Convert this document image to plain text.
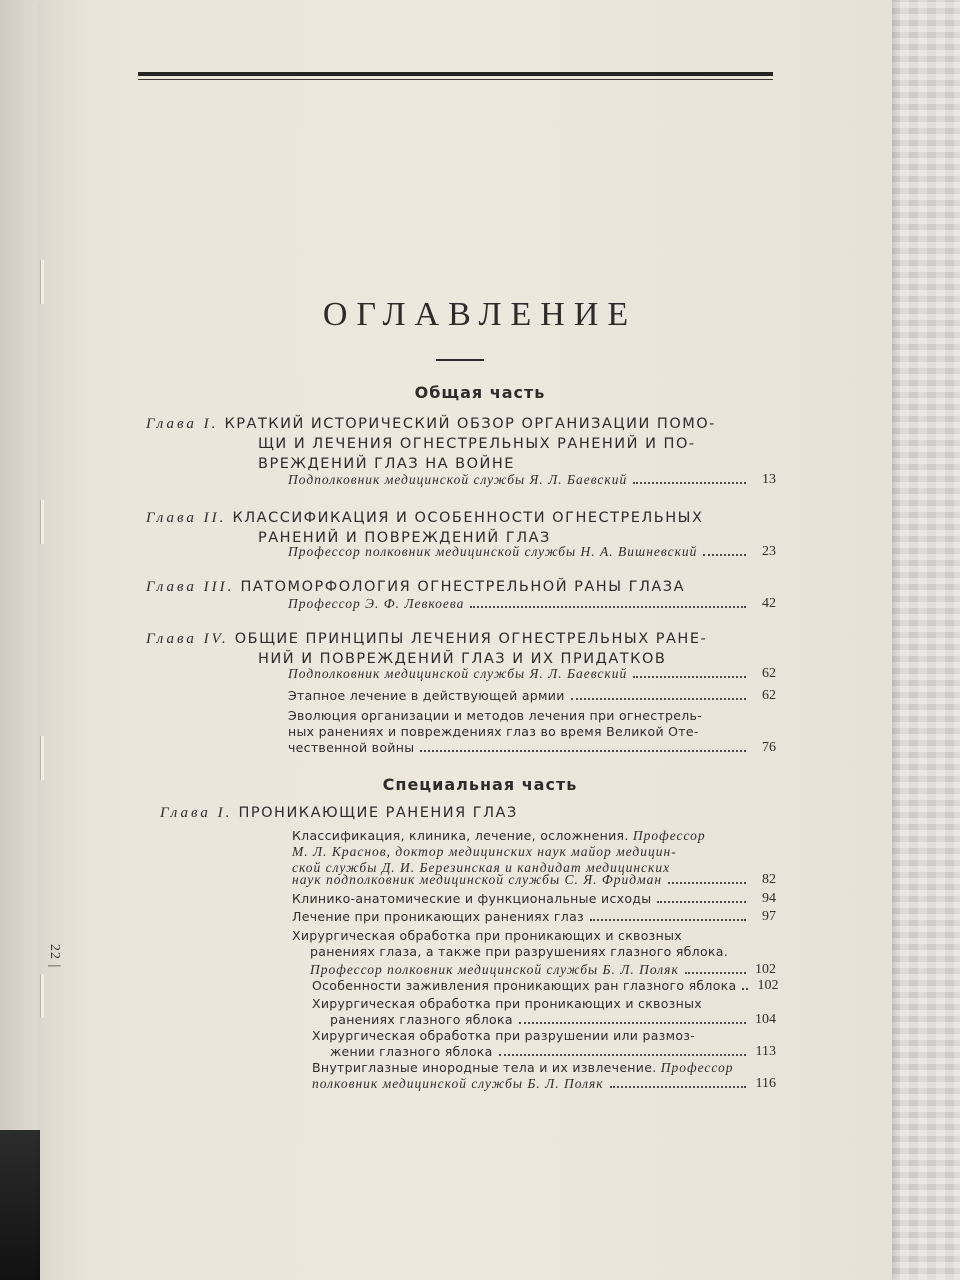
22 |
ОГЛАВЛЕНИЕ
Общая часть
Глава I. КРАТКИЙ ИСТОРИЧЕСКИЙ ОБЗОР ОРГАНИЗАЦИИ ПОМО-
ЩИ И ЛЕЧЕНИЯ ОГНЕСТРЕЛЬНЫХ РАНЕНИЙ И ПО-
ВРЕЖДЕНИЙ ГЛАЗ НА ВОЙНЕ
Подполковник медицинской службы Я. Л. Баевский	13
Глава II. КЛАССИФИКАЦИЯ И ОСОБЕННОСТИ ОГНЕСТРЕЛЬНЫХ
РАНЕНИЙ И ПОВРЕЖДЕНИЙ ГЛАЗ
Профессор полковник медицинской службы Н. А. Вишневский	23
Глава III. ПАТОМОРФОЛОГИЯ ОГНЕСТРЕЛЬНОЙ РАНЫ ГЛАЗА
Профессор Э. Ф. Левкоева	42
Глава IV. ОБЩИЕ ПРИНЦИПЫ ЛЕЧЕНИЯ ОГНЕСТРЕЛЬНЫХ РАНЕ-
НИЙ И ПОВРЕЖДЕНИЙ ГЛАЗ И ИХ ПРИДАТКОВ
Подполковник медицинской службы Я. Л. Баевский	62
Этапное лечение в действующей армии	62
Эволюция организации и методов лечения при огнестрель-
ных ранениях и повреждениях глаз во время Великой Оте-
чественной войны	76
Специальная часть
Глава I. ПРОНИКАЮЩИЕ РАНЕНИЯ ГЛАЗ
Классификация, клиника, лечение, осложнения. Профессор
М. Л. Краснов, доктор медицинских наук майор медицин-
ской службы Д. И. Березинская и кандидат медицинских
наук подполковник медицинской службы С. Я. Фридман	82
Клинико-анатомические и функциональные исходы	94
Лечение при проникающих ранениях глаз	97
Хирургическая обработка при проникающих и сквозных
ранениях глаза, а также при разрушениях глазного яблока.
Профессор полковник медицинской службы Б. Л. Поляк	102
Особенности заживления проникающих ран глазного яблока 102
Хирургическая обработка при проникающих и сквозных
ранениях глазного яблока	104
Хирургическая обработка при разрушении или размоз-
жении глазного яблока	113
Внутриглазные инородные тела и их извлечение. Профессор
полковник медицинской службы Б. Л. Поляк	116
